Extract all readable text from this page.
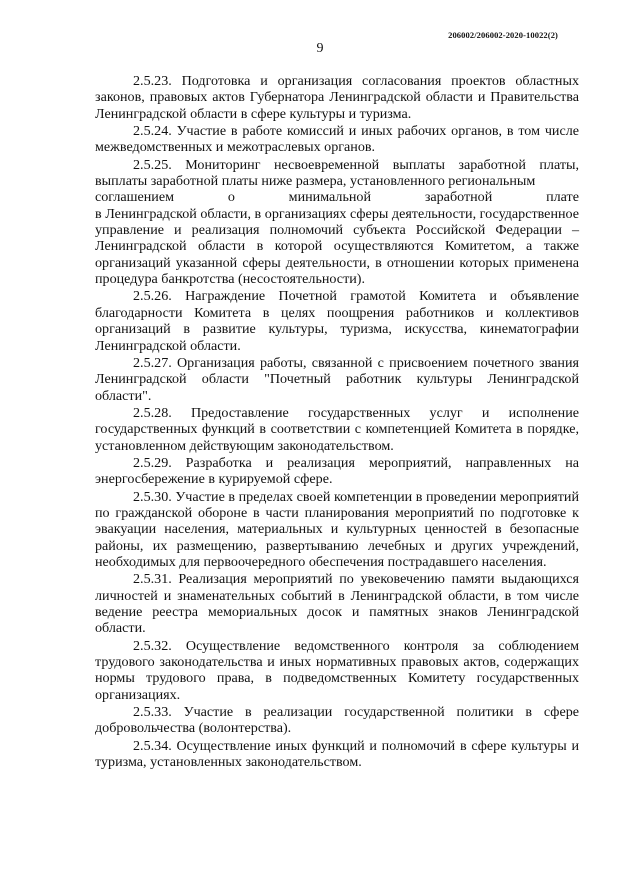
206002/206002-2020-10022(2)
9

2.5.23. Подготовка и организация согласования проектов областных законов, правовых актов Губернатора Ленинградской области и Правительства Ленинградской области в сфере культуры и туризма.

2.5.24. Участие в работе комиссий и иных рабочих органов, в том числе межведомственных и межотраслевых органов.

2.5.25. Мониторинг несвоевременной выплаты заработной платы, выплаты заработной платы ниже размера, установленного региональным

соглашением	о	минимальной	заработной	плате

в Ленинградской области, в организациях сферы деятельности, государственное управление и реализация полномочий субъекта Российской Федерации – Ленинградской области в которой осуществляются Комитетом, а также организаций указанной сферы деятельности, в отношении которых применена процедура банкротства (несостоятельности).

2.5.26. Награждение Почетной грамотой Комитета и объявление благодарности Комитета в целях поощрения работников и коллективов организаций в развитие культуры, туризма, искусства, кинематографии Ленинградской области.

2.5.27. Организация работы, связанной с присвоением почетного звания Ленинградской области "Почетный работник культуры Ленинградской области".

2.5.28. Предоставление государственных услуг и исполнение государственных функций в соответствии с компетенцией Комитета в порядке, установленном действующим законодательством.

2.5.29. Разработка и реализация мероприятий, направленных на энергосбережение в курируемой сфере.

2.5.30. Участие в пределах своей компетенции в проведении мероприятий по гражданской обороне в части планирования мероприятий по подготовке к эвакуации населения, материальных и культурных ценностей в безопасные районы, их размещению, развертыванию лечебных и других учреждений, необходимых для первоочередного обеспечения пострадавшего населения.

2.5.31. Реализация мероприятий по увековечению памяти выдающихся личностей и знаменательных событий в Ленинградской области, в том числе ведение реестра мемориальных досок и памятных знаков Ленинградской области.

2.5.32. Осуществление ведомственного контроля за соблюдением трудового законодательства и иных нормативных правовых актов, содержащих нормы трудового права, в подведомственных Комитету государственных организациях.

2.5.33. Участие в реализации государственной политики в сфере добровольчества (волонтерства).

2.5.34. Осуществление иных функций и полномочий в сфере культуры и туризма, установленных законодательством.
